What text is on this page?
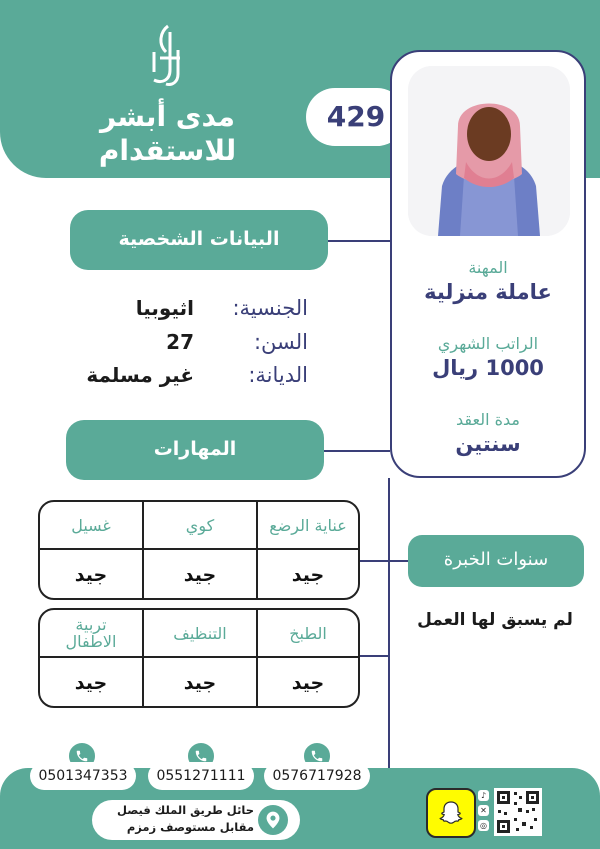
مدى أبشر للاستقدام
429
المهنة
عاملة منزلية
الراتب الشهري
1000 ريال
مدة العقد
سنتين
البيانات الشخصية
الجنسية:
اثيوبيا
السن:
27
الديانة:
غير مسلمة
المهارات
عناية الرضع
كوي
غسيل
جيد
جيد
جيد
الطبخ
التنظيف
تربية الاطفال
جيد
جيد
جيد
سنوات الخبرة
لم يسبق لها العمل
0576717928
0551271111
0501347353
حائل طريق الملك فيصل
مقابل مستوصف زمزم
♪
✕
◎
